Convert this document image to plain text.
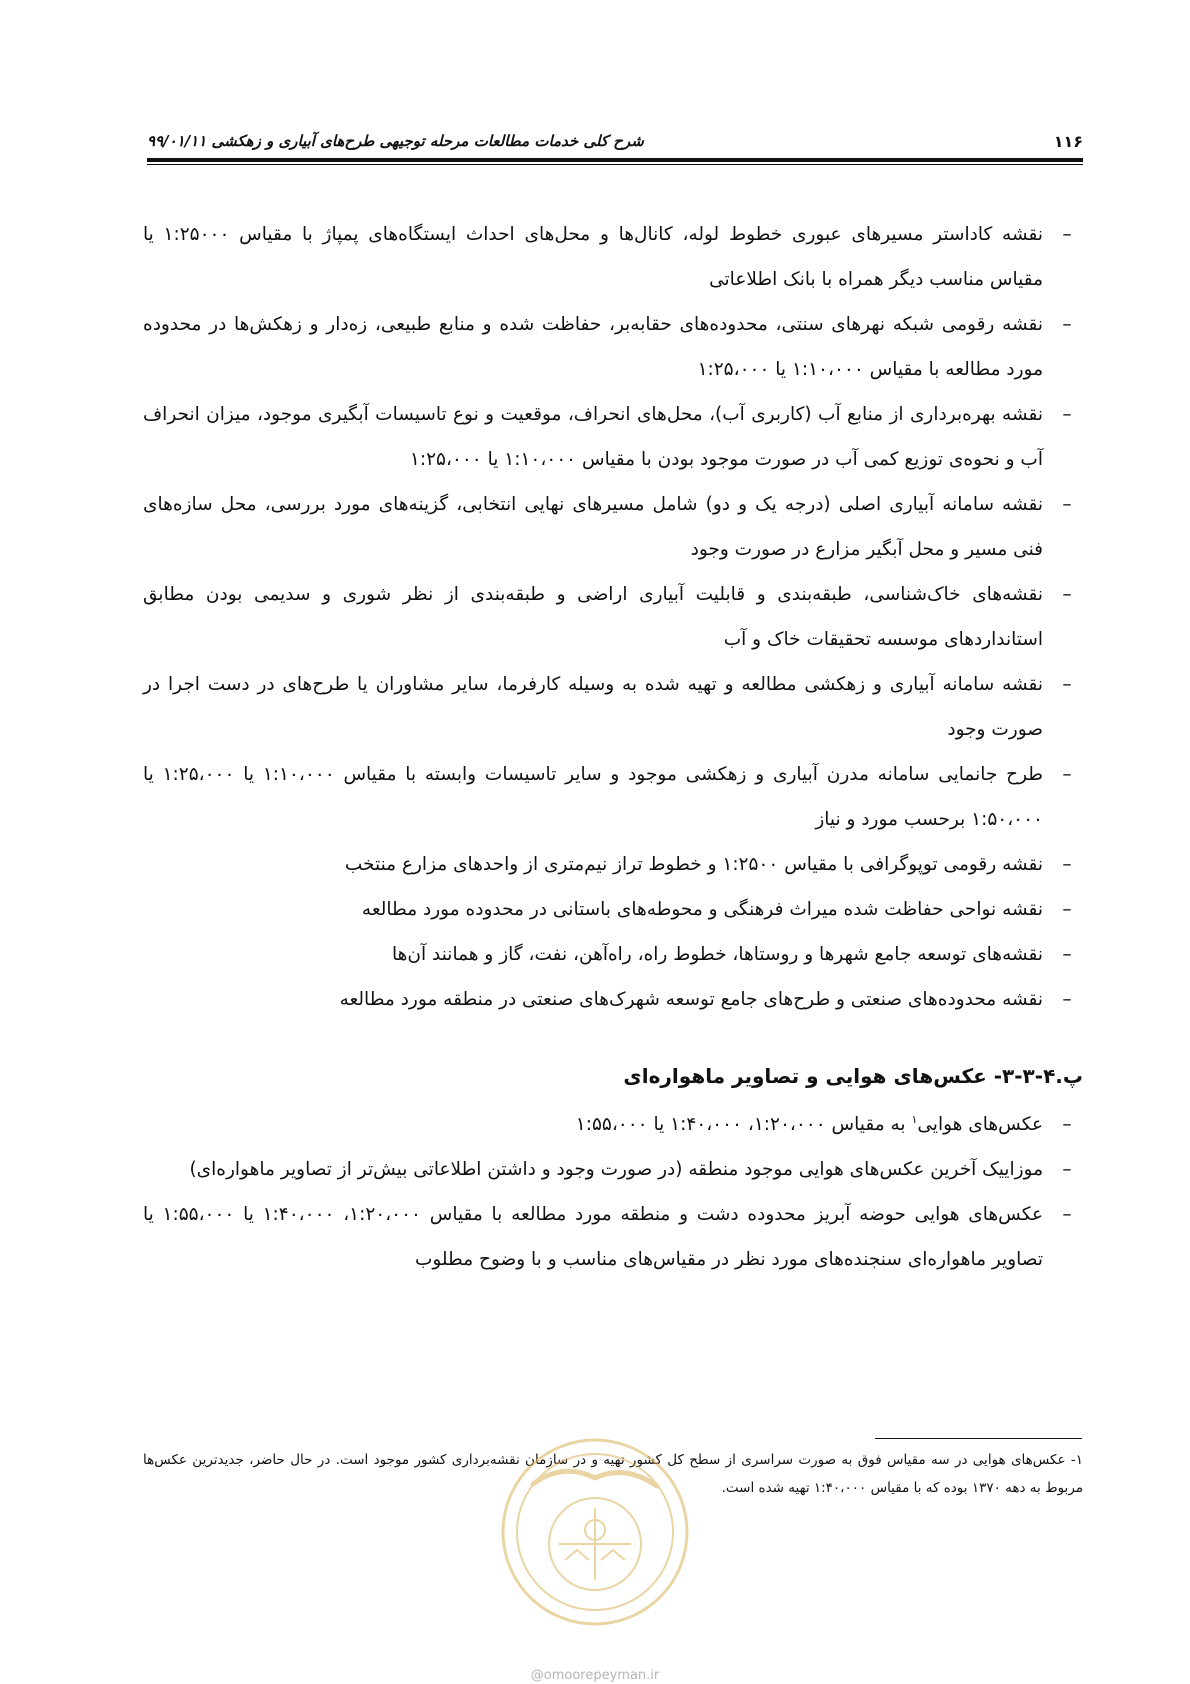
۱۱۶
شرح کلی خدمات مطالعات مرحله توجیهی طرح‌های آبیاری و زهکشی ۹۹/۰۱/۱۱
–
نقشه کاداستر مسیرهای عبوری خطوط لوله، کانال‌ها و محل‌های احداث ایستگاه‌های پمپاژ با مقیاس ۱:۲۵۰۰۰ یا مقیاس مناسب دیگر همراه با بانک اطلاعاتی
–
نقشه رقومی شبکه نهرهای سنتی، محدوده‌های حقابه‌بر، حفاظت شده و منابع طبیعی، زه‌دار و زهکش‌ها در محدوده مورد مطالعه با مقیاس ۱:۱۰،۰۰۰ یا ۱:۲۵،۰۰۰
–
نقشه بهره‌برداری از منابع آب (کاربری آب)، محل‌های انحراف، موقعیت و نوع تاسیسات آبگیری موجود، میزان انحراف آب و نحوه‌ی توزیع کمی آب در صورت موجود بودن با مقیاس ۱:۱۰،۰۰۰ یا ۱:۲۵،۰۰۰
–
نقشه سامانه آبیاری اصلی (درجه یک و دو) شامل مسیرهای نهایی انتخابی، گزینه‌های مورد بررسی، محل سازه‌های فنی مسیر و محل آبگیر مزارع در صورت وجود
–
نقشه‌های خاک‌شناسی، طبقه‌بندی و قابلیت آبیاری اراضی و طبقه‌بندی از نظر شوری و سدیمی بودن مطابق استانداردهای موسسه تحقیقات خاک و آب
–
نقشه سامانه آبیاری و زهکشی مطالعه و تهیه شده به وسیله کارفرما، سایر مشاوران یا طرح‌های در دست اجرا در صورت وجود
–
طرح جانمایی سامانه مدرن آبیاری و زهکشی موجود و سایر تاسیسات وابسته با مقیاس ۱:۱۰،۰۰۰ یا ۱:۲۵،۰۰۰ یا ۱:۵۰،۰۰۰ برحسب مورد و نیاز
–
نقشه رقومی توپوگرافی با مقیاس ۱:۲۵۰۰ و خطوط تراز نیم‌متری از واحدهای مزارع منتخب
–
نقشه نواحی حفاظت شده میراث فرهنگی و محوطه‌های باستانی در محدوده مورد مطالعه
–
نقشه‌های توسعه جامع شهرها و روستاها، خطوط راه، راه‌آهن، نفت، گاز و همانند آن‌ها
–
نقشه محدوده‌های صنعتی و طرح‌های جامع توسعه شهرک‌های صنعتی در منطقه مورد مطالعه
پ.۴-۳-۳- عکس‌های هوایی و تصاویر ماهواره‌ای
–
عکس‌های هوایی$^۱$ به مقیاس ۱:۲۰،۰۰۰، ۱:۴۰،۰۰۰ یا ۱:۵۵،۰۰۰
–
موزاییک آخرین عکس‌های هوایی موجود منطقه (در صورت وجود و داشتن اطلاعاتی بیش‌تر از تصاویر ماهواره‌ای)
–
عکس‌های هوایی حوضه آبریز محدوده دشت و منطقه مورد مطالعه با مقیاس ۱:۲۰،۰۰۰، ۱:۴۰،۰۰۰ یا ۱:۵۵،۰۰۰ یا تصاویر ماهواره‌ای سنجنده‌های مورد نظر در مقیاس‌های مناسب و با وضوح مطلوب
۱- عکس‌های هوایی در سه مقیاس فوق به صورت سراسری از سطح کل کشور تهیه و در سازمان نقشه‌برداری کشور موجود است. در حال حاضر، جدیدترین عکس‌ها مربوط به دهه ۱۳۷۰ بوده که با مقیاس ۱:۴۰،۰۰۰ تهیه شده است.
@omoorepeyman.ir
